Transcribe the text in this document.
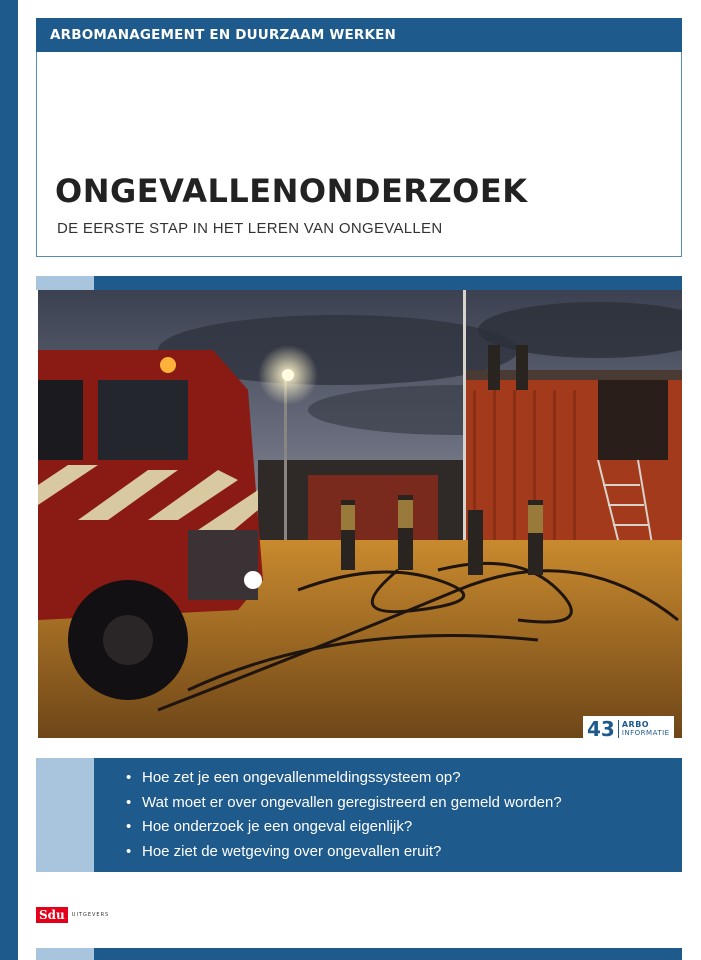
ARBOMANAGEMENT EN DUURZAAM WERKEN
ONGEVALLENONDERZOEK
DE EERSTE STAP IN HET LEREN VAN ONGEVALLEN
43 ARBO
INFORMATIE
• Hoe zet je een ongevallenmeldingssysteem op?
• Wat moet er over ongevallen geregistreerd en gemeld worden?
• Hoe onderzoek je een ongeval eigenlijk?
• Hoe ziet de wetgeving over ongevallen eruit?
Sdu	UITGEVERS
